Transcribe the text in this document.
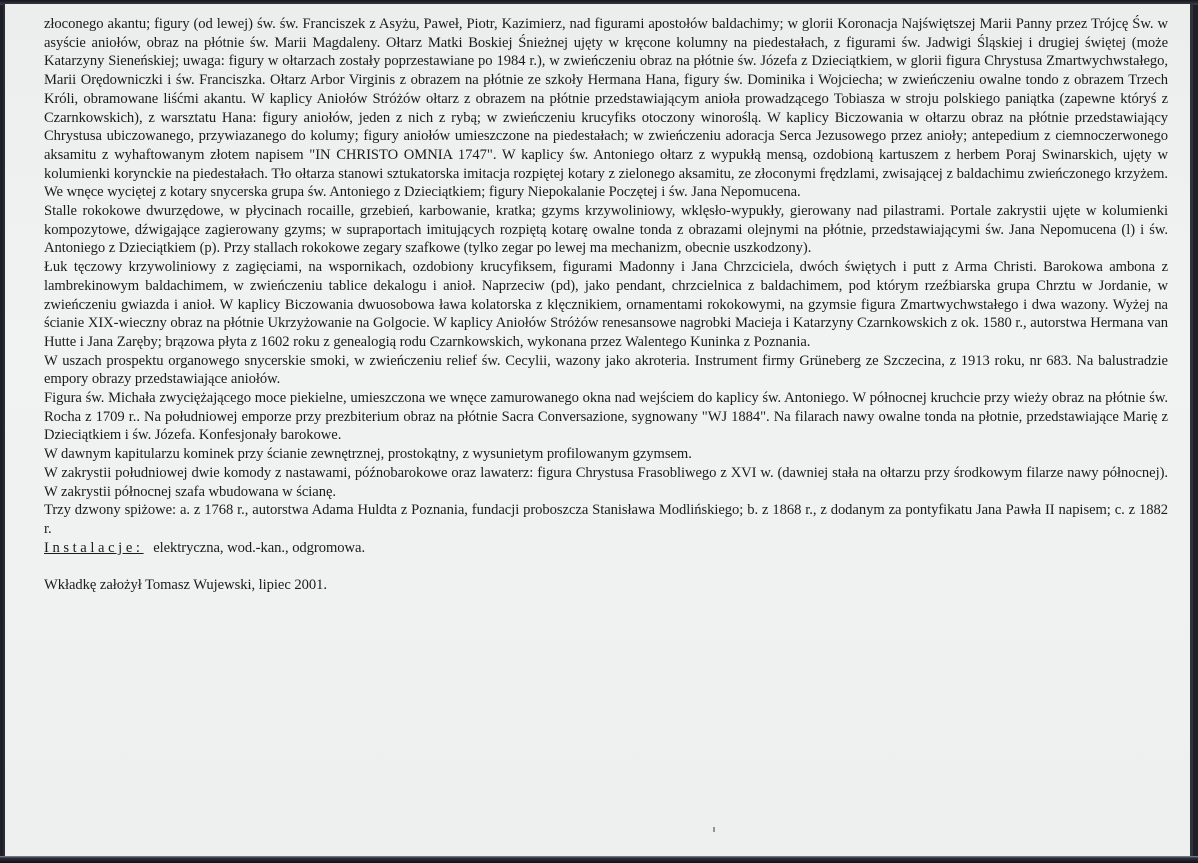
złoconego akantu; figury (od lewej) św. św. Franciszek z Asyżu, Paweł, Piotr, Kazimierz, nad figurami apostołów baldachimy; w glorii Koronacja Najświętszej Marii Panny przez Trójcę Św. w asyście aniołów, obraz na płótnie św. Marii Magdaleny. Ołtarz Matki Boskiej Śnieżnej ujęty w kręcone kolumny na piedestałach, z figurami św. Jadwigi Śląskiej i drugiej świętej (może Katarzyny Sieneńskiej; uwaga: figury w ołtarzach zostały poprzestawiane po 1984 r.), w zwieńczeniu obraz na płótnie św. Józefa z Dzieciątkiem, w glorii figura Chrystusa Zmartwychwstałego, Marii Orędowniczki i św. Franciszka. Ołtarz Arbor Virginis z obrazem na płótnie ze szkoły Hermana Hana, figury św. Dominika i Wojciecha; w zwieńczeniu owalne tondo z obrazem Trzech Króli, obramowane liśćmi akantu. W kaplicy Aniołów Stróżów ołtarz z obrazem na płótnie przedstawiającym anioła prowadzącego Tobiasza w stroju polskiego paniątka (zapewne któryś z Czarnkowskich), z warsztatu Hana: figury aniołów, jeden z nich z rybą; w zwieńczeniu krucyfiks otoczony winoroślą. W kaplicy Biczowania w ołtarzu obraz na płótnie przedstawiający Chrystusa ubiczowanego, przywiazanego do kolumy; figury aniołów umieszczone na piedestałach; w zwieńczeniu adoracja Serca Jezusowego przez anioły; antepedium z ciemnoczerwonego aksamitu z wyhaftowanym złotem napisem "IN CHRISTO OMNIA 1747". W kaplicy św. Antoniego ołtarz z wypukłą mensą, ozdobioną kartuszem z herbem Poraj Swinarskich, ujęty w kolumienki korynckie na piedestałach. Tło ołtarza stanowi sztukatorska imitacja rozpiętej kotary z zielonego aksamitu, ze złoconymi frędzlami, zwisającej z baldachimu zwieńczonego krzyżem. We wnęce wyciętej z kotary snycerska grupa św. Antoniego z Dzieciątkiem; figury Niepokalanie Poczętej i św. Jana Nepomucena.

Stalle rokokowe dwurzędowe, w płycinach rocaille, grzebień, karbowanie, kratka; gzyms krzywoliniowy, wklęsło-wypukły, gierowany nad pilastrami. Portale zakrystii ujęte w kolumienki kompozytowe, dźwigające zagierowany gzyms; w supraportach imitujących rozpiętą kotarę owalne tonda z obrazami olejnymi na płótnie, przedstawiającymi św. Jana Nepomucena (l) i św. Antoniego z Dzieciątkiem (p). Przy stallach rokokowe zegary szafkowe (tylko zegar po lewej ma mechanizm, obecnie uszkodzony).

Łuk tęczowy krzywoliniowy z zagięciami, na wspornikach, ozdobiony krucyfiksem, figurami Madonny i Jana Chrzciciela, dwóch świętych i putt z Arma Christi. Barokowa ambona z lambrekinowym baldachimem, w zwieńczeniu tablice dekalogu i anioł. Naprzeciw (pd), jako pendant, chrzcielnica z baldachimem, pod którym rzeźbiarska grupa Chrztu w Jordanie, w zwieńczeniu gwiazda i anioł. W kaplicy Biczowania dwuosobowa ława kolatorska z klęcznikiem, ornamentami rokokowymi, na gzymsie figura Zmartwychwstałego i dwa wazony. Wyżej na ścianie XIX-wieczny obraz na płótnie Ukrzyżowanie na Golgocie. W kaplicy Aniołów Stróżów renesansowe nagrobki Macieja i Katarzyny Czarnkowskich z ok. 1580 r., autorstwa Hermana van Hutte i Jana Zaręby; brązowa płyta z 1602 roku z genealogią rodu Czarnkowskich, wykonana przez Walentego Kuninka z Poznania.

W uszach prospektu organowego snycerskie smoki, w zwieńczeniu relief św. Cecylii, wazony jako akroteria. Instrument firmy Grüneberg ze Szczecina, z 1913 roku, nr 683. Na balustradzie empory obrazy przedstawiające aniołów.

Figura św. Michała zwyciężającego moce piekielne, umieszczona we wnęce zamurowanego okna nad wejściem do kaplicy św. Antoniego. W północnej kruchcie przy wieży obraz na płótnie św. Rocha z 1709 r.. Na południowej emporze przy prezbiterium obraz na płótnie Sacra Conversazione, sygnowany "WJ 1884". Na filarach nawy owalne tonda na płotnie, przedstawiające Marię z Dzieciątkiem i św. Józefa. Konfesjonały barokowe.

W dawnym kapitularzu kominek przy ścianie zewnętrznej, prostokątny, z wysunietym profilowanym gzymsem.

W zakrystii południowej dwie komody z nastawami, późnobarokowe oraz lawaterz: figura Chrystusa Frasobliwego z XVI w. (dawniej stała na ołtarzu przy środkowym filarze nawy północnej). W zakrystii północnej szafa wbudowana w ścianę.

Trzy dzwony spiżowe: a. z 1768 r., autorstwa Adama Huldta z Poznania, fundacji proboszcza Stanisława Modlińskiego; b. z 1868 r., z dodanym za pontyfikatu Jana Pawła II napisem; c. z 1882 r.

Instalacje: elektryczna, wod.-kan., odgromowa.

Wkładkę założył Tomasz Wujewski, lipiec 2001.
